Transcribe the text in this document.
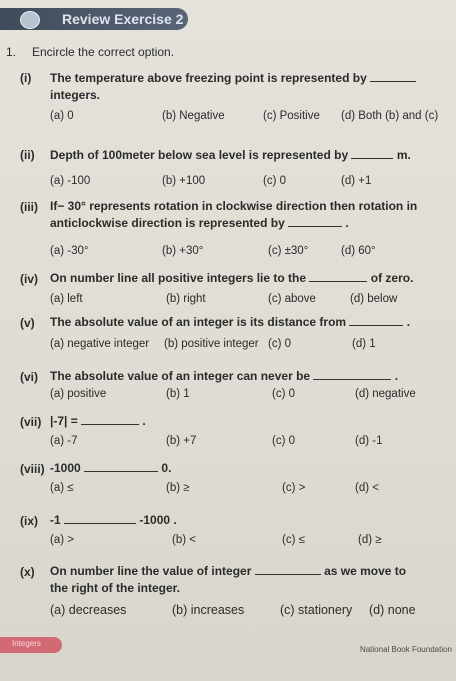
Review Exercise 2
1. Encircle the correct option.
(i) The temperature above freezing point is represented by
integers.
(a) 0	(b) Negative	(c) Positive (d) Both (b) and (c)
(ii) Depth of 100meter below sea level is represented by	m.
(a) -100	(b) +100	(c) 0	(d) +1
(iii) If− 30° represents rotation in clockwise direction then rotation in
anticlockwise direction is represented by	.
(a) -30°	(b) +30°	(c) ±30°	(d) 60°
(iv) On number line all positive integers lie to the	of zero.
(a) left	(b) right	(c) above	(d) below
(v) The absolute value of an integer is its distance from	.
(a) negative integer (b) positive integer (c) 0	(d) 1
(vi) The absolute value of an integer can never be	.
(a) positive	(b) 1	(c) 0	(d) negative
(vii) |-7| =	.
(a) -7	(b) +7	(c) 0	(d) -1
(viii) -1000	0.
(a) ≤	(b) ≥	(c) >	(d) <
(ix) -1	-1000 .
(a) >	(b) <	(c) ≤	(d) ≥
(x) On number line the value of integer	as we move to
the right of the integer.
(a) decreases	(b) increases	(c) stationery (d) none
Integers
National Book Foundation
